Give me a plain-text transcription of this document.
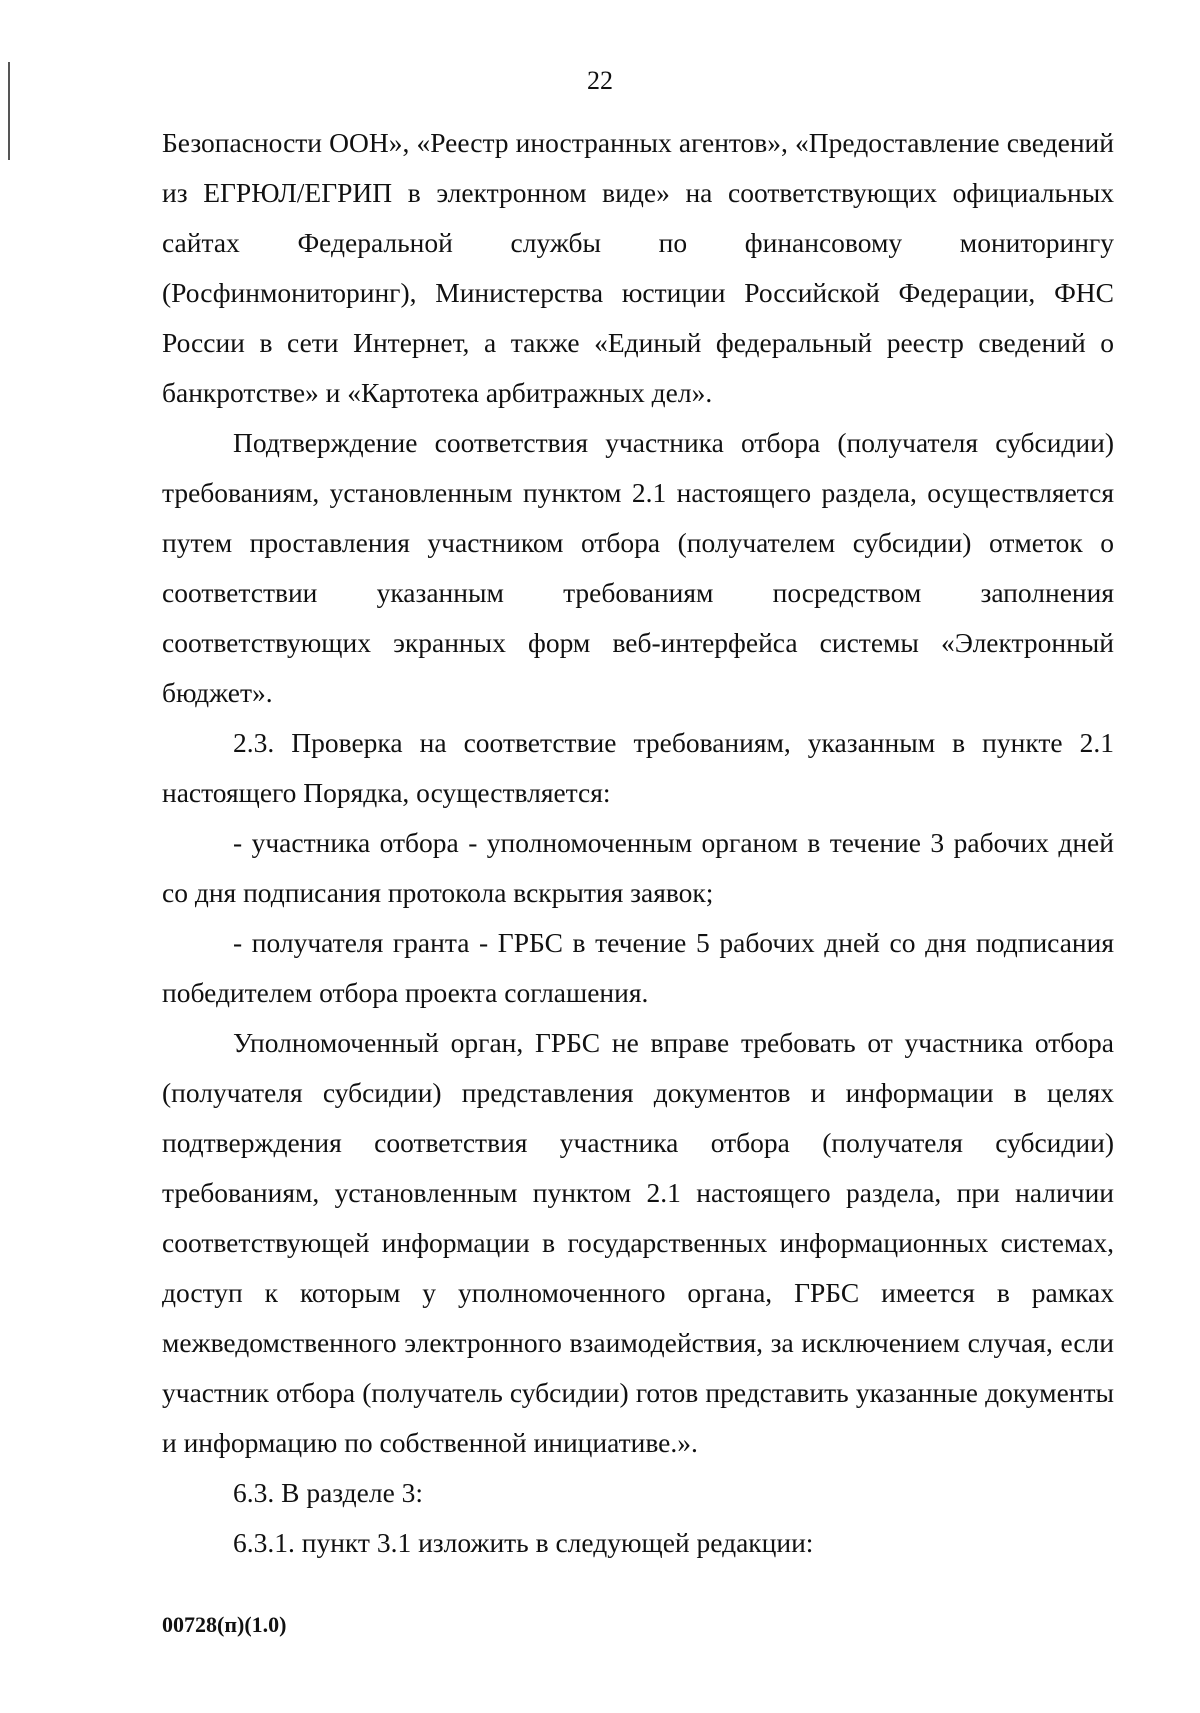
22

Безопасности ООН», «Реестр иностранных агентов», «Предоставление сведений из ЕГРЮЛ/ЕГРИП в электронном виде» на соответствующих официальных сайтах Федеральной службы по финансовому мониторингу (Росфинмониторинг), Министерства юстиции Российской Федерации, ФНС России в сети Интернет, а также «Единый федеральный реестр сведений о банкротстве» и «Картотека арбитражных дел».

Подтверждение соответствия участника отбора (получателя субсидии) требованиям, установленным пунктом 2.1 настоящего раздела, осуществляется путем проставления участником отбора (получателем субсидии) отметок о соответствии указанным требованиям посредством заполнения соответствующих экранных форм веб-интерфейса системы «Электронный бюджет».

2.3. Проверка на соответствие требованиям, указанным в пункте 2.1 настоящего Порядка, осуществляется:

- участника отбора - уполномоченным органом в течение 3 рабочих дней со дня подписания протокола вскрытия заявок;

- получателя гранта - ГРБС в течение 5 рабочих дней со дня подписания победителем отбора проекта соглашения.

Уполномоченный орган, ГРБС не вправе требовать от участника отбора (получателя субсидии) представления документов и информации в целях подтверждения соответствия участника отбора (получателя субсидии) требованиям, установленным пунктом 2.1 настоящего раздела, при наличии соответствующей информации в государственных информационных системах, доступ к которым у уполномоченного органа, ГРБС имеется в рамках межведомственного электронного взаимодействия, за исключением случая, если участник отбора (получатель субсидии) готов представить указанные документы и информацию по собственной инициативе.».

6.3. В разделе 3:

6.3.1. пункт 3.1 изложить в следующей редакции:

00728(п)(1.0)
